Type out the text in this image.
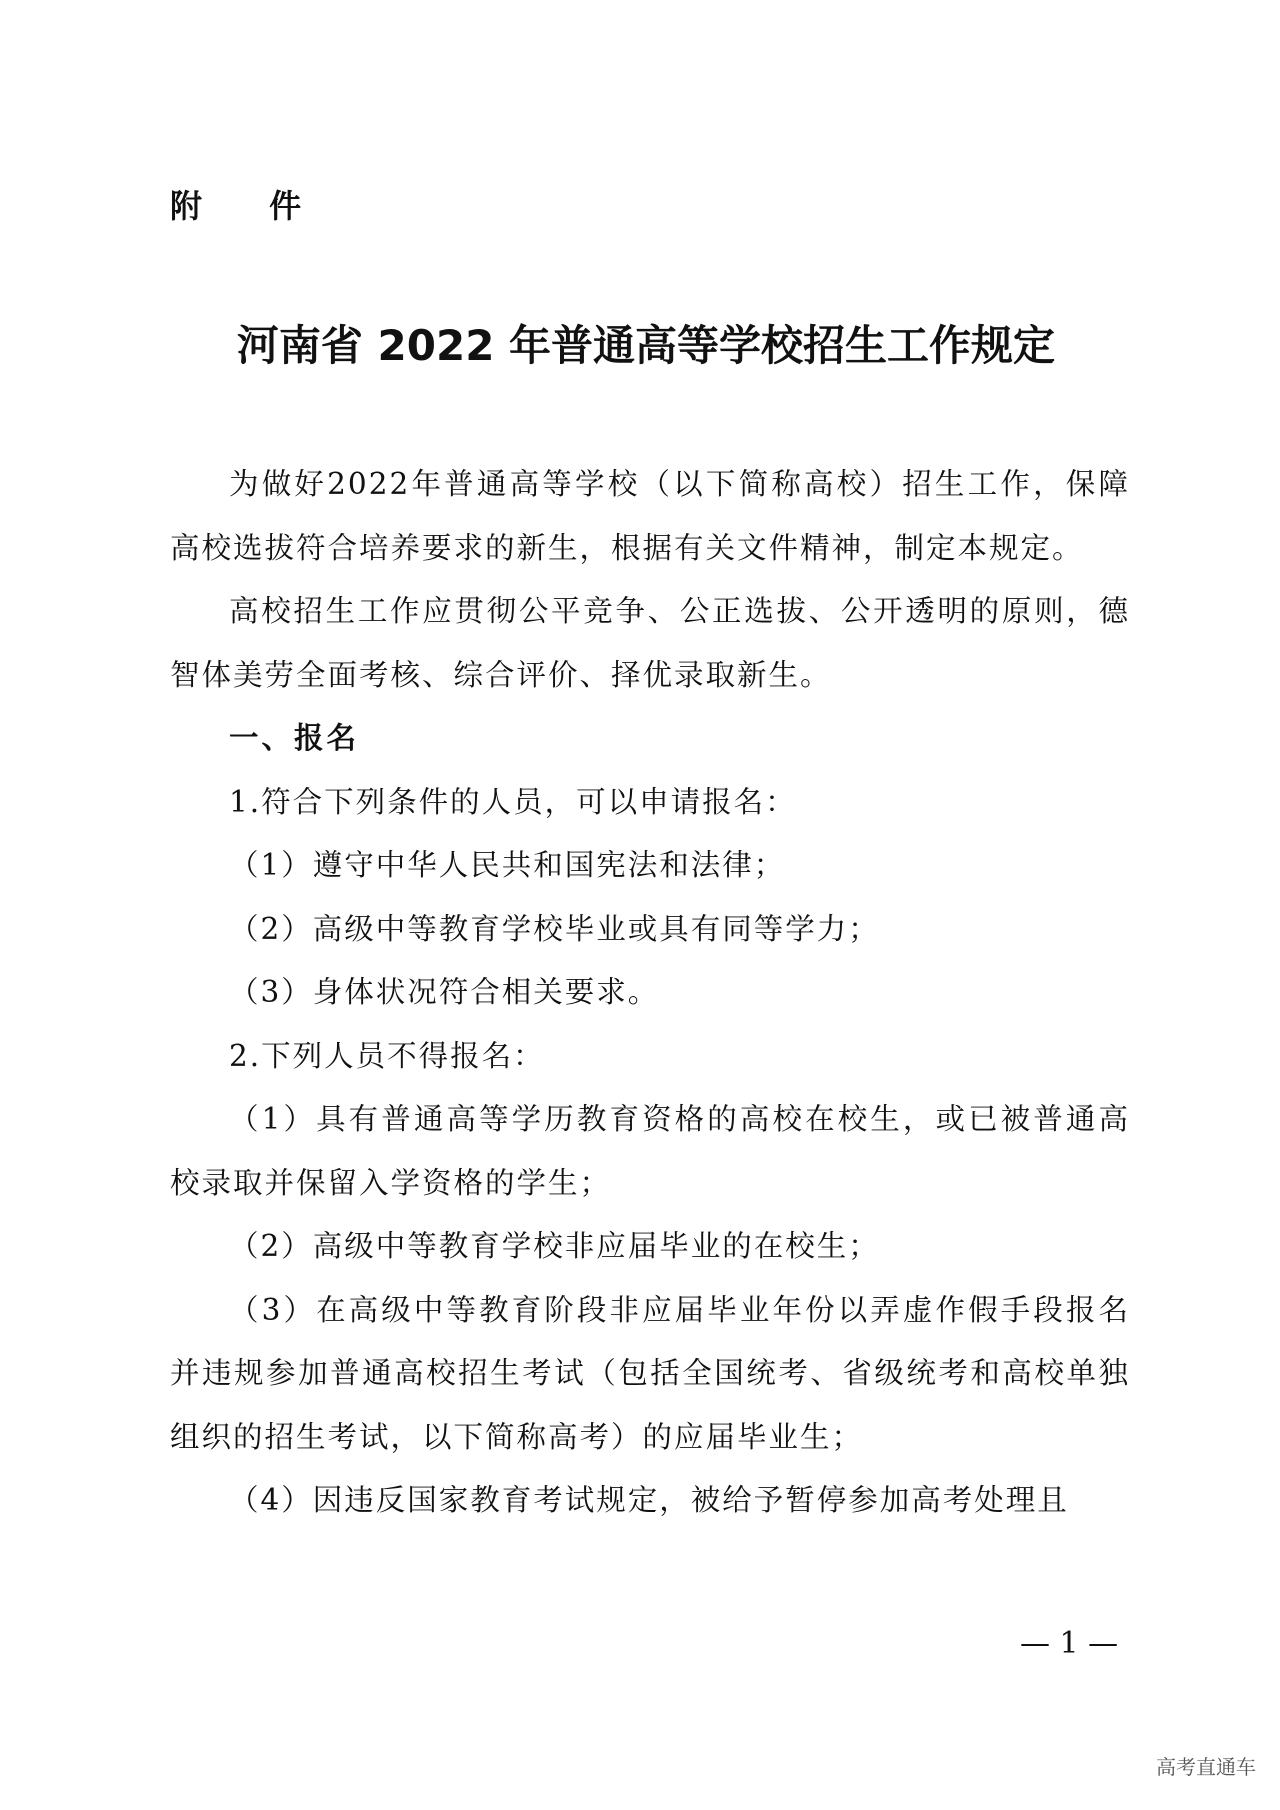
附 件
河南省 2022 年普通高等学校招生工作规定

为做好2022年普通高等学校（以下简称高校）招生工作，保障高校选拔符合培养要求的新生，根据有关文件精神，制定本规定。

高校招生工作应贯彻公平竞争、公正选拔、公开透明的原则，德智体美劳全面考核、综合评价、择优录取新生。

一、报名

1.符合下列条件的人员，可以申请报名：

（1）遵守中华人民共和国宪法和法律；

（2）高级中等教育学校毕业或具有同等学力；

（3）身体状况符合相关要求。

2.下列人员不得报名：

（1）具有普通高等学历教育资格的高校在校生，或已被普通高校录取并保留入学资格的学生；

（2）高级中等教育学校非应届毕业的在校生；

（3）在高级中等教育阶段非应届毕业年份以弄虚作假手段报名并违规参加普通高校招生考试（包括全国统考、省级统考和高校单独组织的招生考试，以下简称高考）的应届毕业生；

（4）因违反国家教育考试规定，被给予暂停参加高考处理且

— 1 —
高考直通车
